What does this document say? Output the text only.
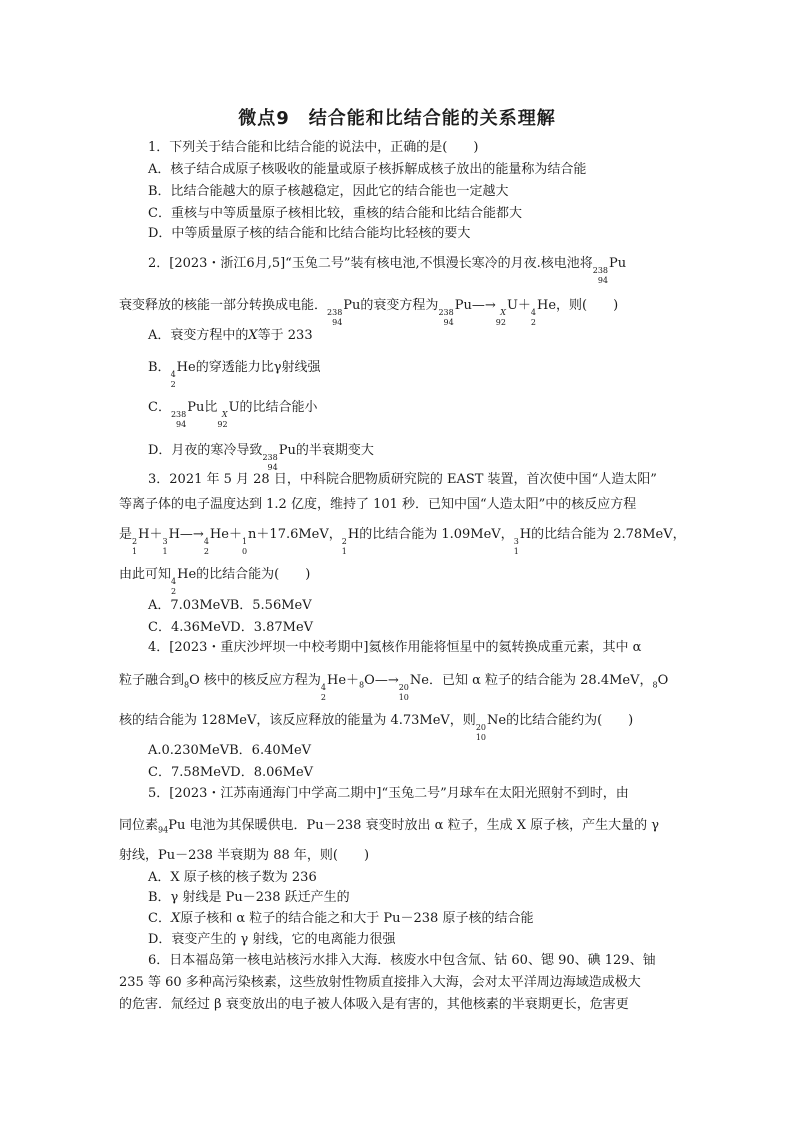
微点9　结合能和比结合能的关系理解
1．下列关于结合能和比结合能的说法中，正确的是(　　)
A．核子结合成原子核吸收的能量或原子核拆解成核子放出的能量称为结合能
B．比结合能越大的原子核越稳定，因此它的结合能也一定越大
C．重核与中等质量原子核相比较，重核的结合能和比结合能都大
D．中等质量原子核的结合能和比结合能均比轻核的要大
2．[2023・浙江6月,5]“玉兔二号”装有核电池,不惧漫长寒冷的月夜.核电池将 238
94
Pu
衰变释放的核能一部分转换成电能． 238
94
Pu的衰变方程为 238
94
Pu—→ X
92
U＋ 4
2
He，则(　　)
A．衰变方程中的X等于 233
B． 4
2
He的穿透能力比γ射线强
C． 238
94
Pu比 X
92
U的比结合能小
D．月夜的寒冷导致 238
94
Pu的半衰期变大
3．2021 年 5 月 28 日，中科院合肥物质研究院的 EAST 装置，首次使中国“人造太阳”
等离子体的电子温度达到 1.2 亿度，维持了 101 秒．已知中国“人造太阳”中的核反应方程
是 2
1
H＋ 3
1
H—→ 4
2
He＋ 1
0
n＋17.6MeV， 2
1
H的比结合能为 1.09MeV， 3
1
H的比结合能为 2.78MeV，
由此可知 4
2
He的比结合能为(　　)
A．7.03MeVB．5.56MeV
C．4.36MeVD．3.87MeV
4．[2023・重庆沙坪坝一中校考期中]氦核作用能将恒星中的氦转换成重元素，其中 α
粒子融合到$_8$O 核中的核反应方程为 4
2
$He+_8O—\to 20$
10
Ne．已知 α 粒子的结合能为 28.4MeV，$_8$O
核的结合能为 128MeV，该反应释放的能量为 4.73MeV，则 20
10
Ne的比结合能约为(　　)
A.0.230MeVB．6.40MeV
C．7.58MeVD．8.06MeV
5．[2023・江苏南通海门中学高二期中]“玉兔二号”月球车在太阳光照射不到时，由
同位素$_{94}$Pu 电池为其保暖供电．Pu－238 衰变时放出 α 粒子，生成 X 原子核，产生大量的 γ
射线，Pu－238 半衰期为 88 年，则(　　)
A．X 原子核的核子数为 236
B．γ 射线是 Pu－238 跃迁产生的
C．X原子核和 α 粒子的结合能之和大于 Pu－238 原子核的结合能
D．衰变产生的 γ 射线，它的电离能力很强
6．日本福岛第一核电站核污水排入大海．核废水中包含氚、钴 60、锶 90、碘 129、铀
235 等 60 多种高污染核素，这些放射性物质直接排入大海，会对太平洋周边海域造成极大
的危害．氚经过 β 衰变放出的电子被人体吸入是有害的，其他核素的半衰期更长，危害更
